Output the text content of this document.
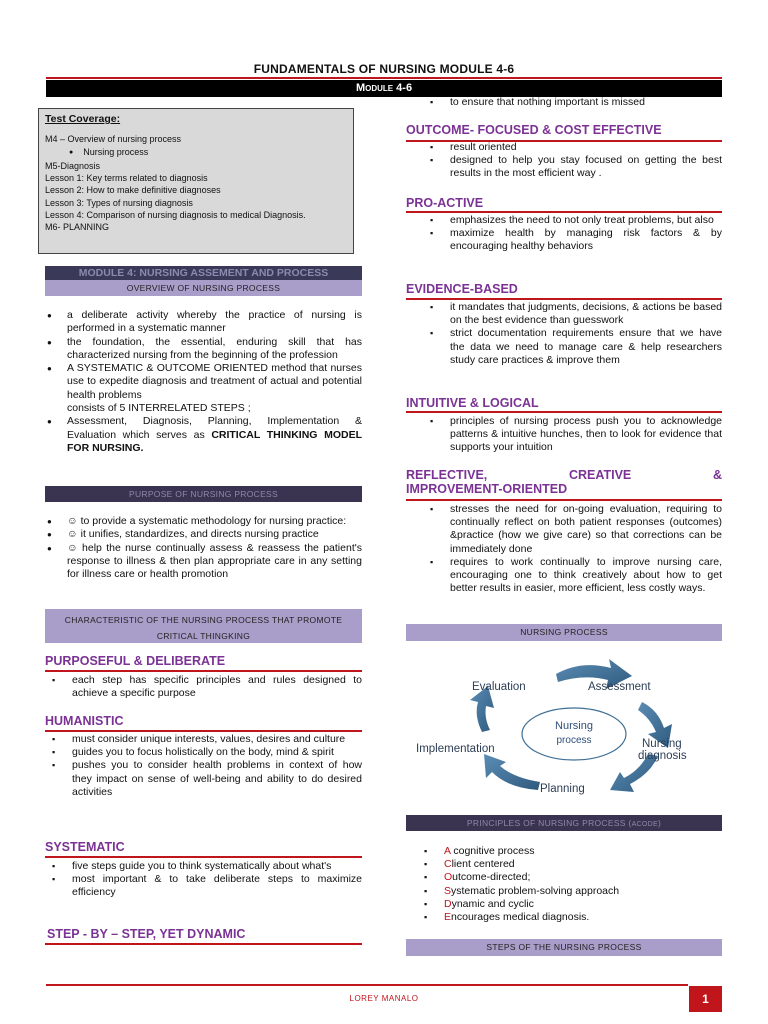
FUNDAMENTALS OF NURSING MODULE 4-6
Module 4-6
Test Coverage:
M4 – Overview of nursing process
● Nursing process
M5-Diagnosis
Lesson 1: Key terms related to diagnosis
Lesson 2: How to make definitive diagnoses
Lesson 3: Types of nursing diagnosis
Lesson 4: Comparison of nursing diagnosis to medical Diagnosis.
M6- PLANNING
MODULE 4: NURSING ASSEMENT AND PROCESS
OVERVIEW OF NURSING PROCESS
● a deliberate activity whereby the practice of nursing is performed in a systematic manner
● the foundation, the essential, enduring skill that has characterized nursing from the beginning of the profession
● A SYSTEMATIC & OUTCOME ORIENTED method that nurses use to expedite diagnosis and treatment of actual and potential health problems
consists of 5 INTERRELATED STEPS ;
● Assessment, Diagnosis, Planning, Implementation & Evaluation which serves as CRITICAL THINKING MODEL FOR NURSING.
PURPOSE OF NURSING PROCESS
● ☺ to provide a systematic methodology for nursing practice:
● ☺ it unifies, standardizes, and directs nursing practice
● ☺ help the nurse continually assess & reassess the patient's response to illness & then plan appropriate care in any setting for illness care or health promotion
CHARACTERISTIC OF THE NURSING PROCESS THAT PROMOTE
CRITICAL THINGKING
PURPOSEFUL & DELIBERATE
▪ each step has specific principles and rules designed to achieve a specific purpose
HUMANISTIC
▪ must consider unique interests, values, desires and culture
▪ guides you to focus holistically on the body, mind & spirit
▪ pushes you to consider health problems in context of how they impact on sense of well-being and ability to do desired activities
SYSTEMATIC
▪ five steps guide you to think systematically about what's
▪ most important & to take deliberate steps to maximize efficiency
STEP - BY – STEP, YET DYNAMIC
▪ to ensure that nothing important is missed
OUTCOME- FOCUSED & COST EFFECTIVE
▪ result oriented
▪ designed to help you stay focused on getting the best results in the most efficient way .
PRO-ACTIVE
▪ emphasizes the need to not only treat problems, but also
▪ maximize health by managing risk factors & by encouraging healthy behaviors
EVIDENCE-BASED
▪ it mandates that judgments, decisions, & actions be based on the best evidence than guesswork
▪ strict documentation requirements ensure that we have the data we need to manage care & help researchers study care practices & improve them
INTUITIVE & LOGICAL
▪ principles of nursing process push you to acknowledge patterns & intuitive hunches, then to look for evidence that supports your intuition
REFLECTIVE,	CREATIVE	&
IMPROVEMENT-ORIENTED
▪ stresses the need for on-going evaluation, requiring to continually reflect on both patient responses (outcomes) &practice (how we give care) so that corrections can be immediately done
▪ requires to work continually to improve nursing care, encouraging one to think creatively about how to get better results in easier, more efficient, less costly ways.
NURSING PROCESS
Nursing
process
Evaluation	Assessment
Nursing
diagnosis
Implementation
Planning
PRINCIPLES OF NURSING PROCESS (ACODE)
▪ A cognitive process
▪ Client centered
▪ Outcome-directed;
▪ Systematic problem-solving approach
▪ Dynamic and cyclic
▪ Encourages medical diagnosis.
STEPS OF THE NURSING PROCESS
LOREY MANALO	1
